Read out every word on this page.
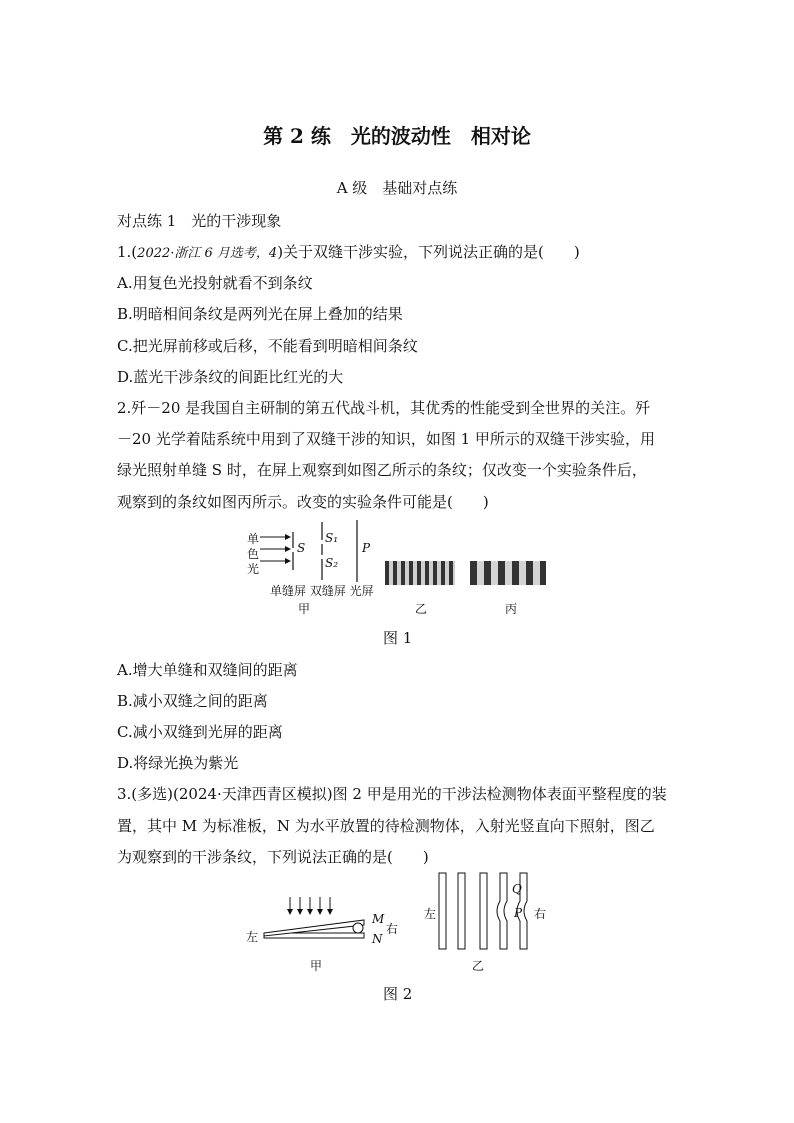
第 2 练　光的波动性　相对论
A 级　基础对点练
对点练 1　光的干涉现象
1.(2022·浙江 6 月选考，4)关于双缝干涉实验，下列说法正确的是(　　)
A.用复色光投射就看不到条纹
B.明暗相间条纹是两列光在屏上叠加的结果
C.把光屏前移或后移，不能看到明暗相间条纹
D.蓝光干涉条纹的间距比红光的大
2.歼－20 是我国自主研制的第五代战斗机，其优秀的性能受到全世界的关注。歼
－20 光学着陆系统中用到了双缝干涉的知识，如图 1 甲所示的双缝干涉实验，用
绿光照射单缝 S 时，在屏上观察到如图乙所示的条纹；仅改变一个实验条件后，
观察到的条纹如图丙所示。改变的实验条件可能是(　　)
单
色
光
S
S₁
S₂
P
单缝屏 双缝屏 光屏
甲	乙	丙
图 1
A.增大单缝和双缝间的距离
B.减小双缝之间的距离
C.减小双缝到光屏的距离
D.将绿光换为紫光
3.(多选)(2024·天津西青区模拟)图 2 甲是用光的干涉法检测物体表面平整程度的装
置，其中 M 为标准板，N 为水平放置的待检测物体，入射光竖直向下照射，图乙
为观察到的干涉条纹，下列说法正确的是(　　)
左
M
N
右
甲
左
Q
P 右
乙
图 2
